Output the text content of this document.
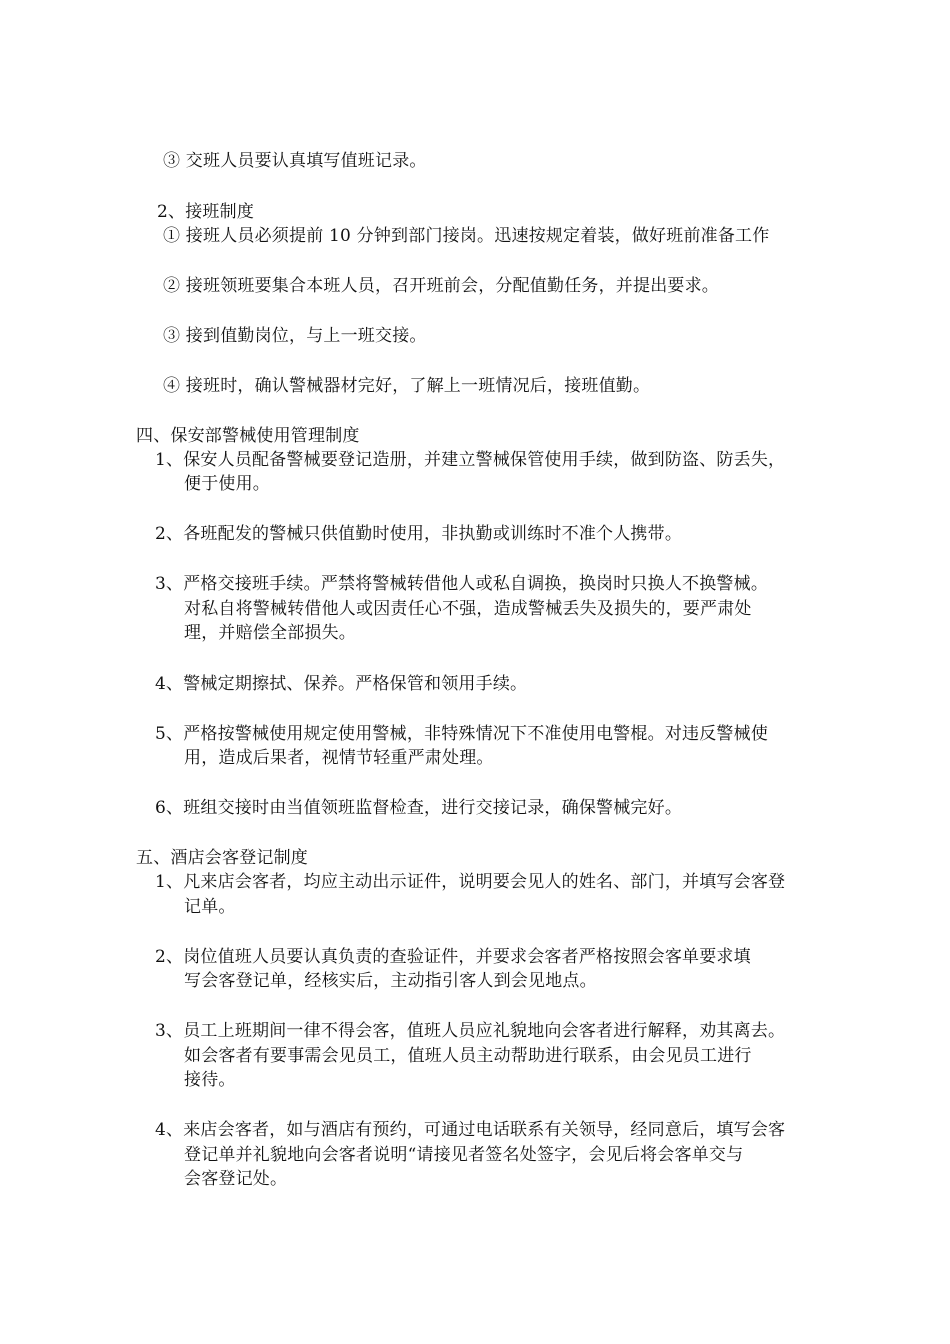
③ 交班人员要认真填写值班记录。
2、接班制度
① 接班人员必须提前 10 分钟到部门接岗。迅速按规定着装，做好班前准备工作
② 接班领班要集合本班人员，召开班前会，分配值勤任务，并提出要求。
③ 接到值勤岗位，与上一班交接。
④ 接班时，确认警械器材完好，了解上一班情况后，接班值勤。
四、保安部警械使用管理制度
1、保安人员配备警械要登记造册，并建立警械保管使用手续，做到防盗、防丢失，
便于使用。
2、各班配发的警械只供值勤时使用，非执勤或训练时不准个人携带。
3、严格交接班手续。严禁将警械转借他人或私自调换，换岗时只换人不换警械。
对私自将警械转借他人或因责任心不强，造成警械丢失及损失的，要严肃处
理，并赔偿全部损失。
4、警械定期擦拭、保养。严格保管和领用手续。
5、严格按警械使用规定使用警械，非特殊情况下不准使用电警棍。对违反警械使
用，造成后果者，视情节轻重严肃处理。
6、班组交接时由当值领班监督检查，进行交接记录，确保警械完好。
五、酒店会客登记制度
1、凡来店会客者，均应主动出示证件，说明要会见人的姓名、部门，并填写会客登
记单。
2、岗位值班人员要认真负责的查验证件，并要求会客者严格按照会客单要求填
写会客登记单，经核实后，主动指引客人到会见地点。
3、员工上班期间一律不得会客，值班人员应礼貌地向会客者进行解释，劝其离去。
如会客者有要事需会见员工，值班人员主动帮助进行联系，由会见员工进行
接待。
4、来店会客者，如与酒店有预约，可通过电话联系有关领导，经同意后，填写会客
登记单并礼貌地向会客者说明“请接见者签名处签字，会见后将会客单交与
会客登记处。
